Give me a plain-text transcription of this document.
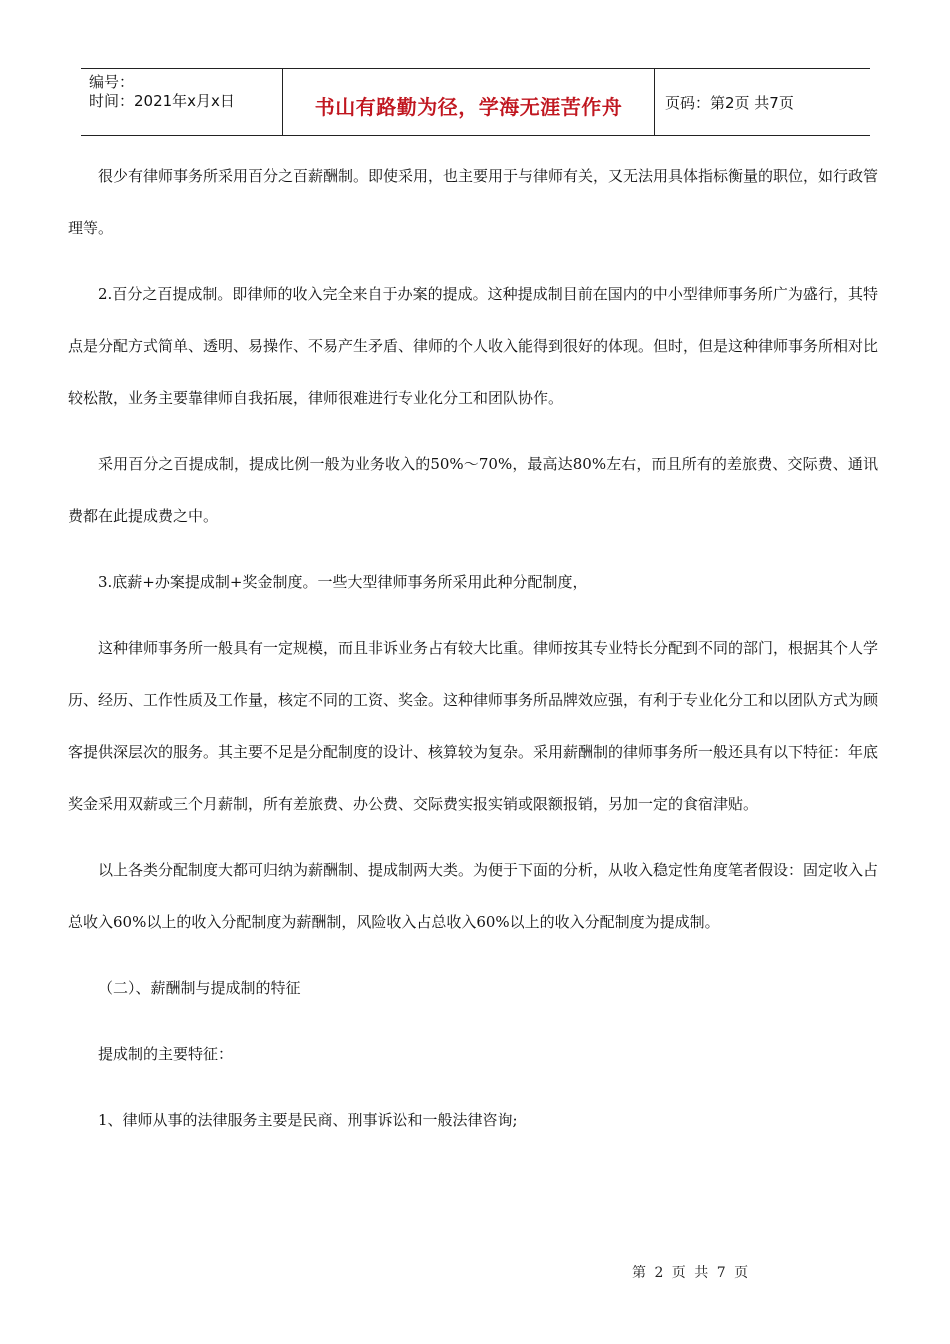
编号：
时间：2021年x月x日	书山有路勤为径，学海无涯苦作舟	页码：第2页 共7页

很少有律师事务所采用百分之百薪酬制。即使采用，也主要用于与律师有关，又无法用具体指标衡量的职位，如行政管理等。

2.百分之百提成制。即律师的收入完全来自于办案的提成。这种提成制目前在国内的中小型律师事务所广为盛行，其特点是分配方式简单、透明、易操作、不易产生矛盾、律师的个人收入能得到很好的体现。但时，但是这种律师事务所相对比较松散，业务主要靠律师自我拓展，律师很难进行专业化分工和团队协作。

采用百分之百提成制，提成比例一般为业务收入的50%～70%，最高达80%左右，而且所有的差旅费、交际费、通讯费都在此提成费之中。

3.底薪+办案提成制+奖金制度。一些大型律师事务所采用此种分配制度，

这种律师事务所一般具有一定规模，而且非诉业务占有较大比重。律师按其专业特长分配到不同的部门，根据其个人学历、经历、工作性质及工作量，核定不同的工资、奖金。这种律师事务所品牌效应强，有利于专业化分工和以团队方式为顾客提供深层次的服务。其主要不足是分配制度的设计、核算较为复杂。采用薪酬制的律师事务所一般还具有以下特征：年底奖金采用双薪或三个月薪制，所有差旅费、办公费、交际费实报实销或限额报销，另加一定的食宿津贴。

以上各类分配制度大都可归纳为薪酬制、提成制两大类。为便于下面的分析，从收入稳定性角度笔者假设：固定收入占总收入60%以上的收入分配制度为薪酬制，风险收入占总收入60%以上的收入分配制度为提成制。

（二）、薪酬制与提成制的特征

提成制的主要特征：

1、律师从事的法律服务主要是民商、刑事诉讼和一般法律咨询;

第 2 页 共 7 页
